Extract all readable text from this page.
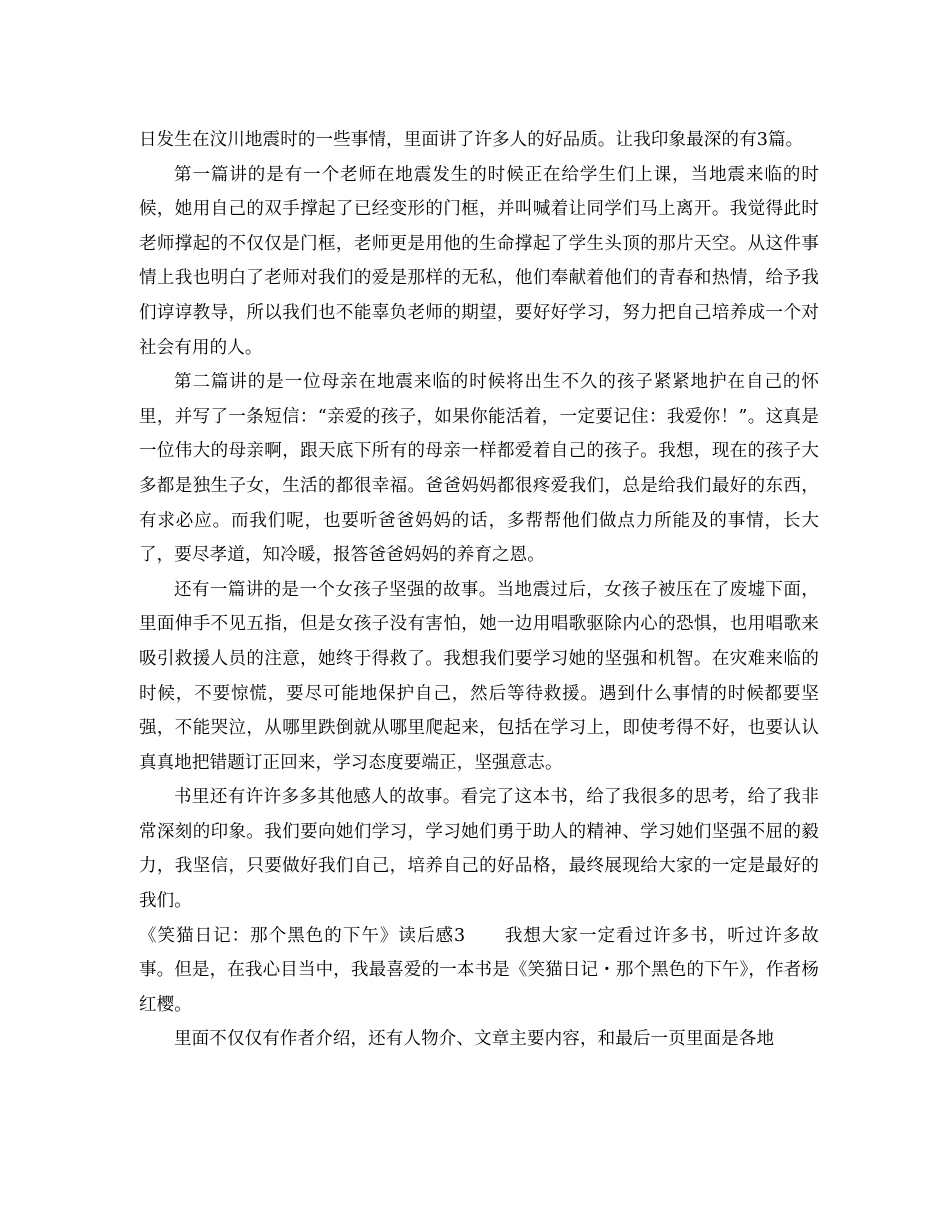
日发生在汶川地震时的一些事情，里面讲了许多人的好品质。让我印象最深的有3篇。

第一篇讲的是有一个老师在地震发生的时候正在给学生们上课，当地震来临的时候，她用自己的双手撑起了已经变形的门框，并叫喊着让同学们马上离开。我觉得此时老师撑起的不仅仅是门框，老师更是用他的生命撑起了学生头顶的那片天空。从这件事情上我也明白了老师对我们的爱是那样的无私，他们奉献着他们的青春和热情，给予我们谆谆教导，所以我们也不能辜负老师的期望，要好好学习，努力把自己培养成一个对社会有用的人。

第二篇讲的是一位母亲在地震来临的时候将出生不久的孩子紧紧地护在自己的怀里，并写了一条短信：“亲爱的孩子，如果你能活着，一定要记住：我爱你！”。这真是一位伟大的母亲啊，跟天底下所有的母亲一样都爱着自己的孩子。我想，现在的孩子大多都是独生子女，生活的都很幸福。爸爸妈妈都很疼爱我们，总是给我们最好的东西，有求必应。而我们呢，也要听爸爸妈妈的话，多帮帮他们做点力所能及的事情，长大了，要尽孝道，知冷暖，报答爸爸妈妈的养育之恩。

还有一篇讲的是一个女孩子坚强的故事。当地震过后，女孩子被压在了废墟下面，里面伸手不见五指，但是女孩子没有害怕，她一边用唱歌驱除内心的恐惧，也用唱歌来吸引救援人员的注意，她终于得救了。我想我们要学习她的坚强和机智。在灾难来临的时候，不要惊慌，要尽可能地保护自己，然后等待救援。遇到什么事情的时候都要坚强，不能哭泣，从哪里跌倒就从哪里爬起来，包括在学习上，即使考得不好，也要认认真真地把错题订正回来，学习态度要端正，坚强意志。

书里还有许许多多其他感人的故事。看完了这本书，给了我很多的思考，给了我非常深刻的印象。我们要向她们学习，学习她们勇于助人的精神、学习她们坚强不屈的毅力，我坚信，只要做好我们自己，培养自己的好品格，最终展现给大家的一定是最好的我们。

《笑猫日记：那个黑色的下午》读后感3 我想大家一定看过许多书，听过许多故事。但是，在我心目当中，我最喜爱的一本书是《笑猫日记・那个黑色的下午》，作者杨红樱。

里面不仅仅有作者介绍，还有人物介、文章主要内容，和最后一页里面是各地
